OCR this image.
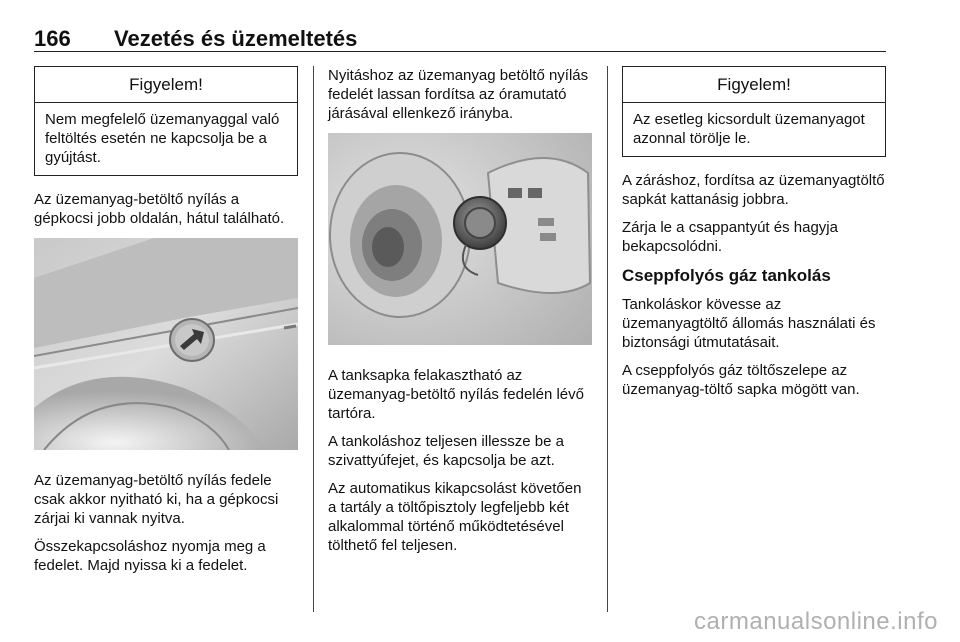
166 Vezetés és üzemeltetés
Figyelem!
Nem megfelelő üzemanyaggal való feltöltés esetén ne kapcsolja be a gyújtást.

Az üzemanyag-betöltő nyílás a gépkocsi jobb oldalán, hátul található.

Az üzemanyag-betöltő nyílás fedele csak akkor nyitható ki, ha a gépkocsi zárjai ki vannak nyitva.

Összekapcsoláshoz nyomja meg a fedelet. Majd nyissa ki a fedelet.

Nyitáshoz az üzemanyag betöltő nyílás fedelét lassan fordítsa az óramutató járásával ellenkező irányba.

A tanksapka felakasztható az üzemanyag-betöltő nyílás fedelén lévő tartóra.

A tankoláshoz teljesen illessze be a szivattyúfejet, és kapcsolja be azt.

Az automatikus kikapcsolást követően a tartály a töltőpisztoly legfeljebb két alkalommal történő működtetésével tölthető fel teljesen.

Figyelem!
Az esetleg kicsordult üzemanyagot azonnal törölje le.

A záráshoz, fordítsa az üzemanyagtöltő sapkát kattanásig jobbra.

Zárja le a csappantyút és hagyja bekapcsolódni.

Cseppfolyós gáz tankolás

Tankoláskor kövesse az üzemanyagtöltő állomás használati és biztonsági útmutatásait.

A cseppfolyós gáz töltőszelepe az üzemanyag-töltő sapka mögött van.

carmanualsonline.info
